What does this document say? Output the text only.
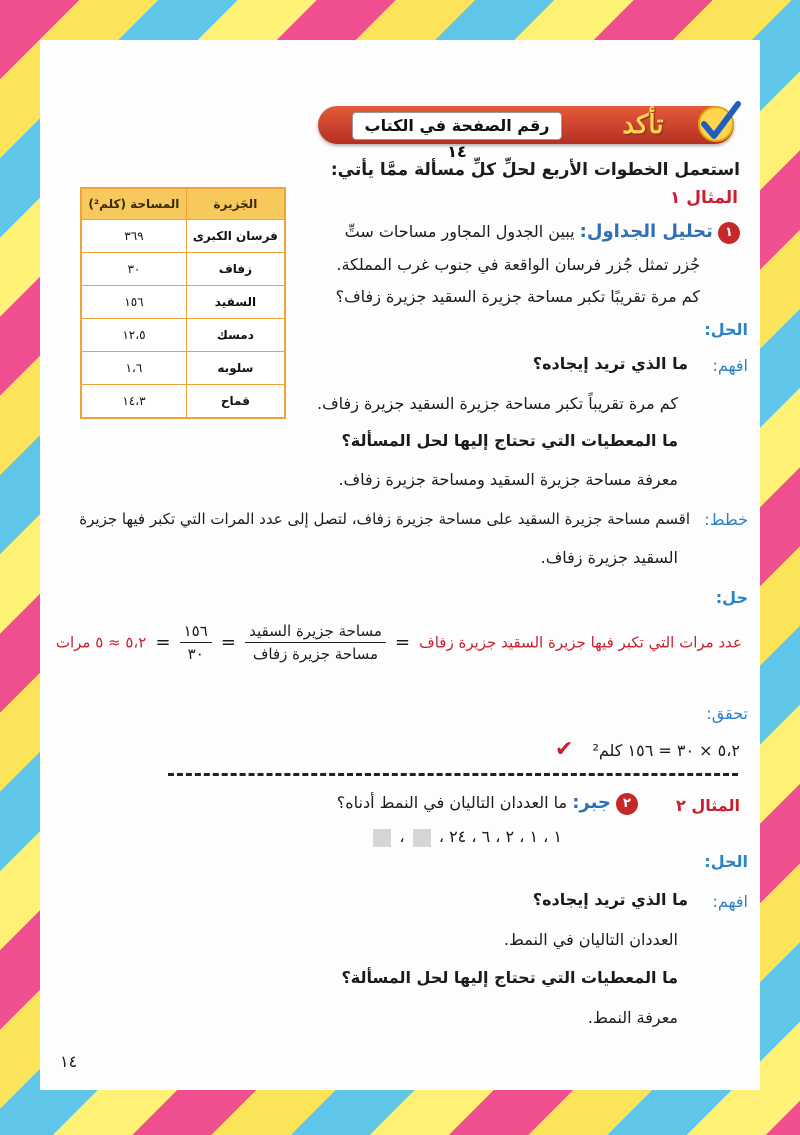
رقم الصفحة في الكتاب ١٤
تأكد
استعمل الخطوات الأربع لحلِّ كلِّ مسألة ممَّا يأتي:
المثال ١
١ تحليل الجداول: يبين الجدول المجاور مساحات ستِّ
جُزر تمثل جُزر فرسان الواقعة في جنوب غرب المملكة.
كم مرة تقريبًا تكبر مساحة جزيرة السقيد جزيرة زفاف؟
الجَزيرة	المساحة (كلم²)
فرسان الكبرى	٣٦٩
زفاف	٣٠
السقيد	١٥٦
دمسك	١٢،٥
سلوبه	١،٦
قماح	١٤،٣
الحل:
افهم:
ما الذي تريد إيجاده؟
كم مرة تقريباً تكبر مساحة جزيرة السقيد جزيرة زفاف.
ما المعطيات التي تحتاج إليها لحل المسألة؟
معرفة مساحة جزيرة السقيد ومساحة جزيرة زفاف.
خطط:
اقسم مساحة جزيرة السقيد على مساحة جزيرة زفاف، لتصل إلى عدد المرات التي تكبر فيها جزيرة
السقيد جزيرة زفاف.
حل:
عدد مرات التي تكبر فيها جزيرة السقيد جزيرة زفاف =
$\frac{\text{مساحة جزيرة السقيد}}{\text{مساحة جزيرة زفاف}}$
=
$\frac{١٥٦}{٣٠}$
= ٥،٢ ≈ ٥ مرات
تحقق:
٥،٢ × ٣٠ = ١٥٦ كلم² ✔
المثال ٢
٢ جبر: ما العددان التاليان في النمط أدناه؟
١ ، ١ ، ٢ ، ٦ ، ٢٤ ،  ،
الحل:
افهم:
ما الذي تريد إيجاده؟
العددان التاليان في النمط.
ما المعطيات التي تحتاج إليها لحل المسألة؟
معرفة النمط.
١٤
